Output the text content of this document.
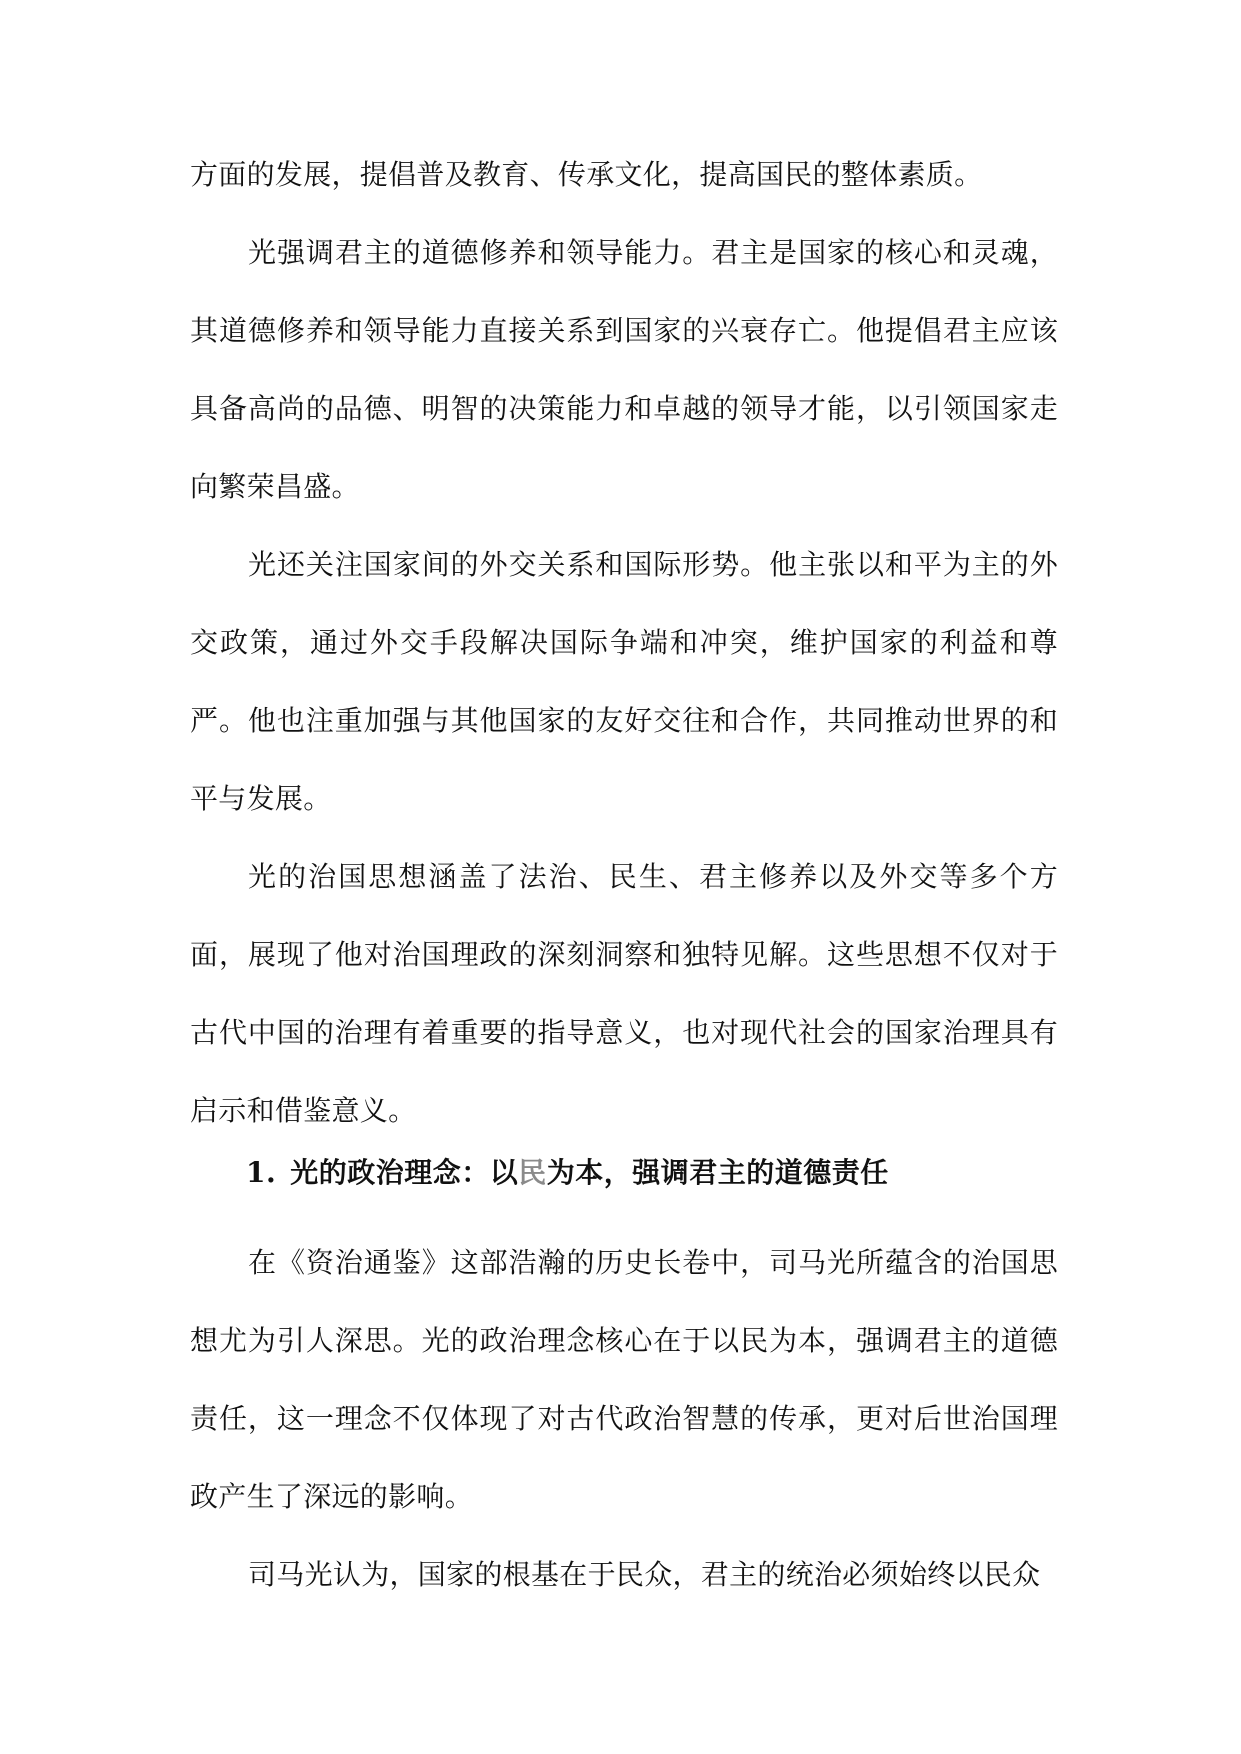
方面的发展，提倡普及教育、传承文化，提高国民的整体素质。

光强调君主的道德修养和领导能力。君主是国家的核心和灵魂，其道德修养和领导能力直接关系到国家的兴衰存亡。他提倡君主应该具备高尚的品德、明智的决策能力和卓越的领导才能，以引领国家走向繁荣昌盛。

光还关注国家间的外交关系和国际形势。他主张以和平为主的外交政策，通过外交手段解决国际争端和冲突，维护国家的利益和尊严。他也注重加强与其他国家的友好交往和合作，共同推动世界的和平与发展。

光的治国思想涵盖了法治、民生、君主修养以及外交等多个方面，展现了他对治国理政的深刻洞察和独特见解。这些思想不仅对于古代中国的治理有着重要的指导意义，也对现代社会的国家治理具有启示和借鉴意义。

1. 光的政治理念：以民为本，强调君主的道德责任

在《资治通鉴》这部浩瀚的历史长卷中，司马光所蕴含的治国思想尤为引人深思。光的政治理念核心在于以民为本，强调君主的道德责任，这一理念不仅体现了对古代政治智慧的传承，更对后世治国理政产生了深远的影响。

司马光认为，国家的根基在于民众，君主的统治必须始终以民众
